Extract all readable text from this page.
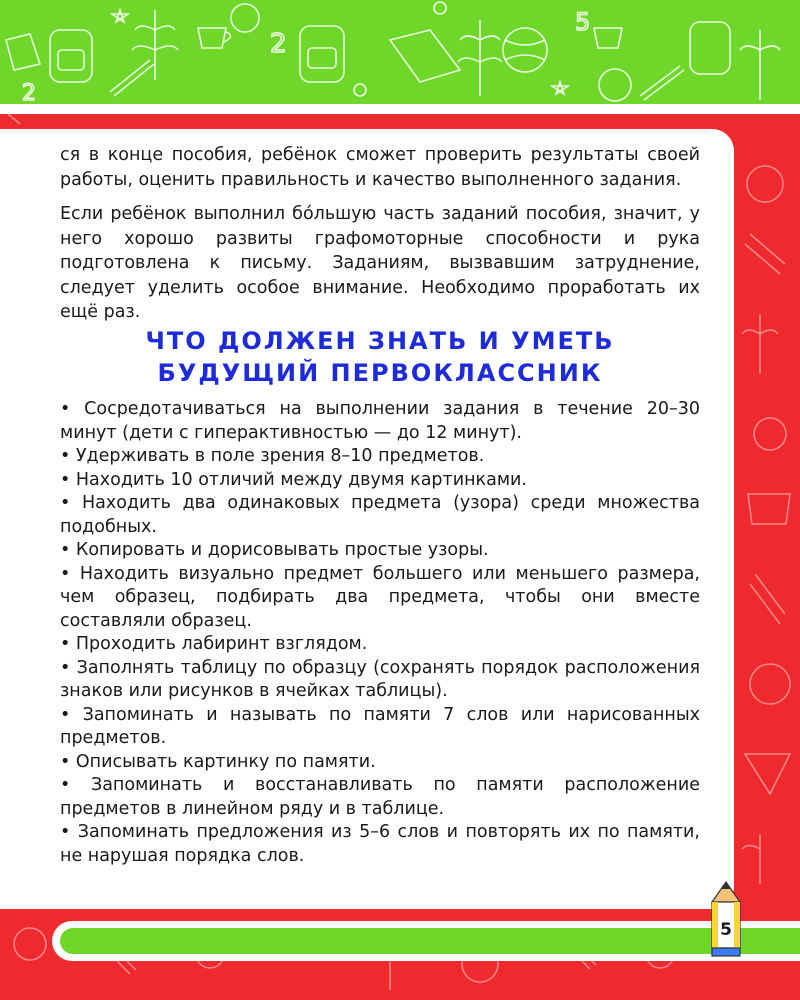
2
2
5

ся в конце пособия, ребёнок сможет проверить результаты своей работы, оценить правильность и качество выполненного задания.

Если ребёнок выполнил бóльшую часть заданий пособия, значит, у него хорошо развиты графомоторные способности и рука подготовлена к письму. Заданиям, вызвавшим затруднение, следует уделить особое внимание. Необходимо проработать их ещё раз.

ЧТО ДОЛЖЕН ЗНАТЬ И УМЕТЬ
БУДУЩИЙ ПЕРВОКЛАССНИК
• Сосредотачиваться на выполнении задания в течение 20–30 минут (дети с гиперактивностью — до 12 минут).
• Удерживать в поле зрения 8–10 предметов.
• Находить 10 отличий между двумя картинками.
• Находить два одинаковых предмета (узора) среди множества подобных.
• Копировать и дорисовывать простые узоры.
• Находить визуально предмет большего или меньшего размера, чем образец, подбирать два предмета, чтобы они вместе составляли образец.
• Проходить лабиринт взглядом.
• Заполнять таблицу по образцу (сохранять порядок расположения знаков или рисунков в ячейках таблицы).
• Запоминать и называть по памяти 7 слов или нарисованных предметов.
• Описывать картинку по памяти.
• Запоминать и восстанавливать по памяти расположение предметов в линейном ряду и в таблице.
• Запоминать предложения из 5–6 слов и повторять их по памяти, не нарушая порядка слов.
5
